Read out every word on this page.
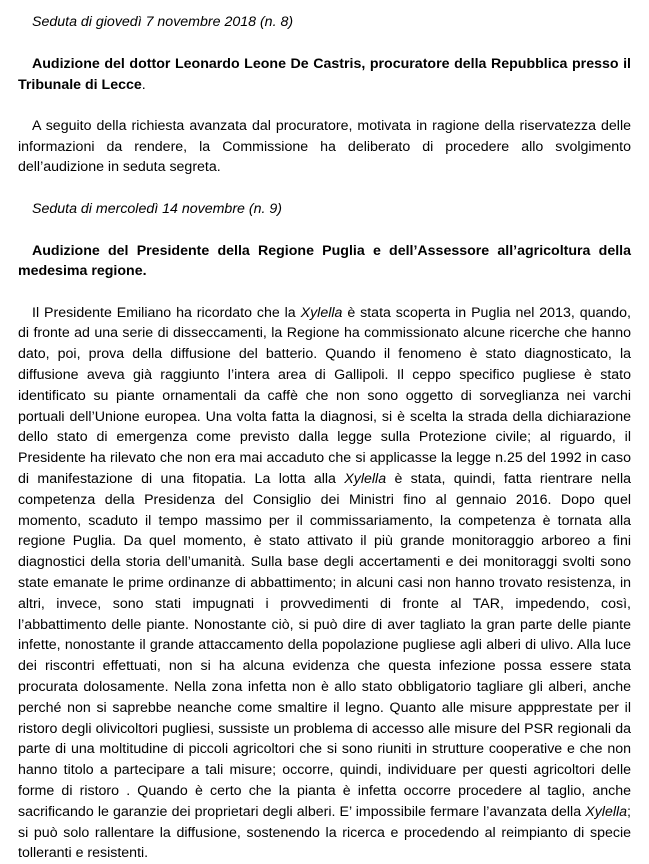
Seduta di giovedì 7 novembre 2018 (n. 8)

Audizione del dottor Leonardo Leone De Castris, procuratore della Repubblica presso il Tribunale di Lecce.

A seguito della richiesta avanzata dal procuratore, motivata in ragione della riservatezza delle informazioni da rendere, la Commissione ha deliberato di procedere allo svolgimento dell’audizione in seduta segreta.

Seduta di mercoledì 14 novembre (n. 9)

Audizione del Presidente della Regione Puglia e dell’Assessore all’agricoltura della medesima regione.

Il Presidente Emiliano ha ricordato che la Xylella è stata scoperta in Puglia nel 2013, quando, di fronte ad una serie di disseccamenti, la Regione ha commissionato alcune ricerche che hanno dato, poi, prova della diffusione del batterio. Quando il fenomeno è stato diagnosticato, la diffusione aveva già raggiunto l’intera area di Gallipoli. Il ceppo specifico pugliese è stato identificato su piante ornamentali da caffè che non sono oggetto di sorveglianza nei varchi portuali dell’Unione europea. Una volta fatta la diagnosi, si è scelta la strada della dichiarazione dello stato di emergenza come previsto dalla legge sulla Protezione civile; al riguardo, il Presidente ha rilevato che non era mai accaduto che si applicasse la legge n.25 del 1992 in caso di manifestazione di una fitopatia. La lotta alla Xylella è stata, quindi, fatta rientrare nella competenza della Presidenza del Consiglio dei Ministri fino al gennaio 2016. Dopo quel momento, scaduto il tempo massimo per il commissariamento, la competenza è tornata alla regione Puglia. Da quel momento, è stato attivato il più grande monitoraggio arboreo a fini diagnostici della storia dell’umanità. Sulla base degli accertamenti e dei monitoraggi svolti sono state emanate le prime ordinanze di abbattimento; in alcuni casi non hanno trovato resistenza, in altri, invece, sono stati impugnati i provvedimenti di fronte al TAR, impedendo, così, l’abbattimento delle piante. Nonostante ciò, si può dire di aver tagliato la gran parte delle piante infette, nonostante il grande attaccamento della popolazione pugliese agli alberi di ulivo. Alla luce dei riscontri effettuati, non si ha alcuna evidenza che questa infezione possa essere stata procurata dolosamente. Nella zona infetta non è allo stato obbligatorio tagliare gli alberi, anche perché non si saprebbe neanche come smaltire il legno. Quanto alle misure appprestate per il ristoro degli olivicoltori pugliesi, sussiste un problema di accesso alle misure del PSR regionali da parte di una moltitudine di piccoli agricoltori che si sono riuniti in strutture cooperative e che non hanno titolo a partecipare a tali misure; occorre, quindi, individuare per questi agricoltori delle forme di ristoro . Quando è certo che la pianta è infetta occorre procedere al taglio, anche sacrificando le garanzie dei proprietari degli alberi. E’ impossibile fermare l’avanzata della Xylella; si può solo rallentare la diffusione, sostenendo la ricerca e procedendo al reimpianto di specie tolleranti e resistenti.
